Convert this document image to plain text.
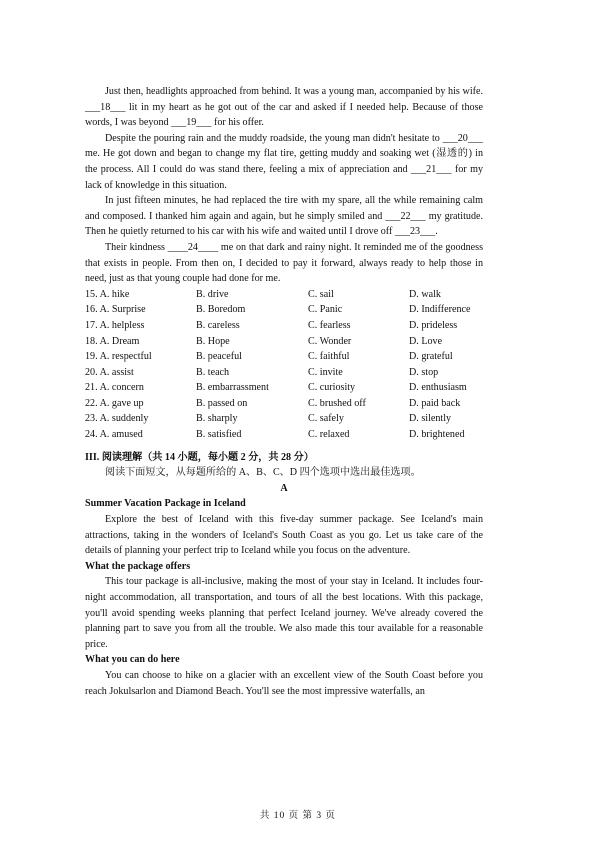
Just then, headlights approached from behind. It was a young man, accompanied by his wife. ___18___ lit in my heart as he got out of the car and asked if I needed help. Because of those words, I was beyond ___19___ for his offer.

Despite the pouring rain and the muddy roadside, the young man didn't hesitate to ___20___ me. He got down and began to change my flat tire, getting muddy and soaking wet (湿透的) in the process. All I could do was stand there, feeling a mix of appreciation and ___21___ for my lack of knowledge in this situation.

In just fifteen minutes, he had replaced the tire with my spare, all the while remaining calm and composed. I thanked him again and again, but he simply smiled and ___22___ my gratitude. Then he quietly returned to his car with his wife and waited until I drove off ___23___.

Their kindness ____24____ me on that dark and rainy night. It reminded me of the goodness that exists in people. From then on, I decided to pay it forward, always ready to help those in need, just as that young couple had done for me.

15. A. hike	B. drive	C. sail	D. walk
16. A. Surprise	B. Boredom	C. Panic	D. Indifference
17. A. helpless	B. careless	C. fearless	D. prideless
18. A. Dream	B. Hope	C. Wonder	D. Love
19. A. respectful	B. peaceful	C. faithful	D. grateful
20. A. assist	B. teach	C. invite	D. stop
21. A. concern	B. embarrassment	C. curiosity	D. enthusiasm
22. A. gave up	B. passed on	C. brushed off	D. paid back
23. A. suddenly	B. sharply	C. safely	D. silently
24. A. amused	B. satisfied	C. relaxed	D. brightened

III. 阅读理解（共 14 小题，每小题 2 分，共 28 分）

阅读下面短文，从每题所给的 A、B、C、D 四个选项中选出最佳选项。

A

Summer Vacation Package in Iceland

Explore the best of Iceland with this five-day summer package. See Iceland's main attractions, taking in the wonders of Iceland's South Coast as you go. Let us take care of the details of planning your perfect trip to Iceland while you focus on the adventure.

What the package offers

This tour package is all-inclusive, making the most of your stay in Iceland. It includes four-night accommodation, all transportation, and tours of all the best locations. With this package, you'll avoid spending weeks planning that perfect Iceland journey. We've already covered the planning part to save you from all the trouble. We also made this tour available for a reasonable price.

What you can do here

You can choose to hike on a glacier with an excellent view of the South Coast before you reach Jokulsarlon and Diamond Beach. You'll see the most impressive waterfalls, an

共 10 页 第 3 页
